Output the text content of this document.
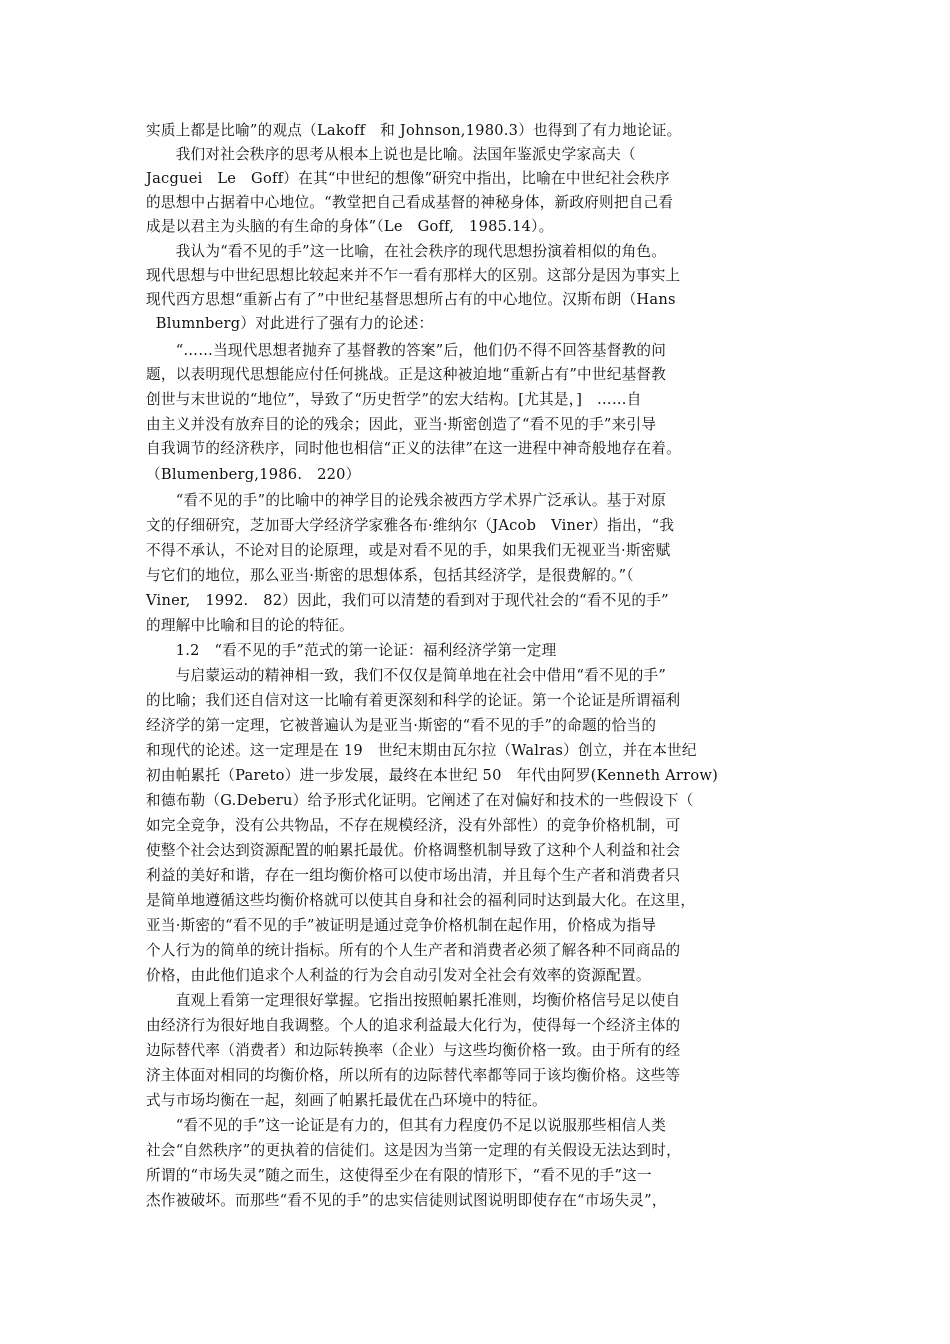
实质上都是比喻”的观点（Lakoff　和 Johnson,1980.3）也得到了有力地论证。
　　我们对社会秩序的思考从根本上说也是比喻。法国年鉴派史学家高夫（
Jacguei　Le　Goff）在其“中世纪的想像”研究中指出，比喻在中世纪社会秩序
的思想中占据着中心地位。“教堂把自己看成基督的神秘身体，新政府则把自己看
成是以君主为头脑的有生命的身体”（Le　Goff,　1985.14）。
　　我认为“看不见的手”这一比喻，在社会秩序的现代思想扮演着相似的角色。
现代思想与中世纪思想比较起来并不乍一看有那样大的区别。这部分是因为事实上
现代西方思想“重新占有了”中世纪基督思想所占有的中心地位。汉斯布朗（Hans
Blumnberg）对此进行了强有力的论述：
　　“……当现代思想者抛弃了基督教的答案”后，他们仍不得不回答基督教的问
题，以表明现代思想能应付任何挑战。正是这种被迫地“重新占有”中世纪基督教
创世与末世说的“地位”，导致了“历史哲学”的宏大结构。[尤其是，]　……自
由主义并没有放弃目的论的残余；因此，亚当·斯密创造了“看不见的手”来引导
自我调节的经济秩序，同时他也相信“正义的法律”在这一进程中神奇般地存在着。
（Blumenberg,1986.　220）
　　“看不见的手”的比喻中的神学目的论残余被西方学术界广泛承认。基于对原
文的仔细研究，芝加哥大学经济学家雅各布·维纳尔（JAcob　Viner）指出，“我
不得不承认，不论对目的论原理，或是对看不见的手，如果我们无视亚当·斯密赋
与它们的地位，那么亚当·斯密的思想体系，包括其经济学，是很费解的。”（
Viner,　1992.　82）因此，我们可以清楚的看到对于现代社会的“看不见的手”
的理解中比喻和目的论的特征。
　　1.2　“看不见的手”范式的第一论证：福利经济学第一定理
　　与启蒙运动的精神相一致，我们不仅仅是简单地在社会中借用“看不见的手”
的比喻；我们还自信对这一比喻有着更深刻和科学的论证。第一个论证是所谓福利
经济学的第一定理，它被普遍认为是亚当·斯密的“看不见的手”的命题的恰当的
和现代的论述。这一定理是在 19　世纪末期由瓦尔拉（Walras）创立，并在本世纪
初由帕累托（Pareto）进一步发展，最终在本世纪 50　年代由阿罗(Kenneth Arrow)
和德布勒（G.Deberu）给予形式化证明。它阐述了在对偏好和技术的一些假设下（
如完全竞争，没有公共物品，不存在规模经济，没有外部性）的竞争价格机制，可
使整个社会达到资源配置的帕累托最优。价格调整机制导致了这种个人利益和社会
利益的美好和谐，存在一组均衡价格可以使市场出清，并且每个生产者和消费者只
是简单地遵循这些均衡价格就可以使其自身和社会的福利同时达到最大化。在这里，
亚当·斯密的“看不见的手”被证明是通过竞争价格机制在起作用，价格成为指导
个人行为的简单的统计指标。所有的个人生产者和消费者必须了解各种不同商品的
价格，由此他们追求个人利益的行为会自动引发对全社会有效率的资源配置。
　　直观上看第一定理很好掌握。它指出按照帕累托准则，均衡价格信号足以使自
由经济行为很好地自我调整。个人的追求利益最大化行为，使得每一个经济主体的
边际替代率（消费者）和边际转换率（企业）与这些均衡价格一致。由于所有的经
济主体面对相同的均衡价格，所以所有的边际替代率都等同于该均衡价格。这些等
式与市场均衡在一起，刻画了帕累托最优在凸环境中的特征。
　　“看不见的手”这一论证是有力的，但其有力程度仍不足以说服那些相信人类
社会“自然秩序”的更执着的信徒们。这是因为当第一定理的有关假设无法达到时，
所谓的“市场失灵”随之而生，这使得至少在有限的情形下，“看不见的手”这一
杰作被破坏。而那些“看不见的手”的忠实信徒则试图说明即使存在“市场失灵”，
